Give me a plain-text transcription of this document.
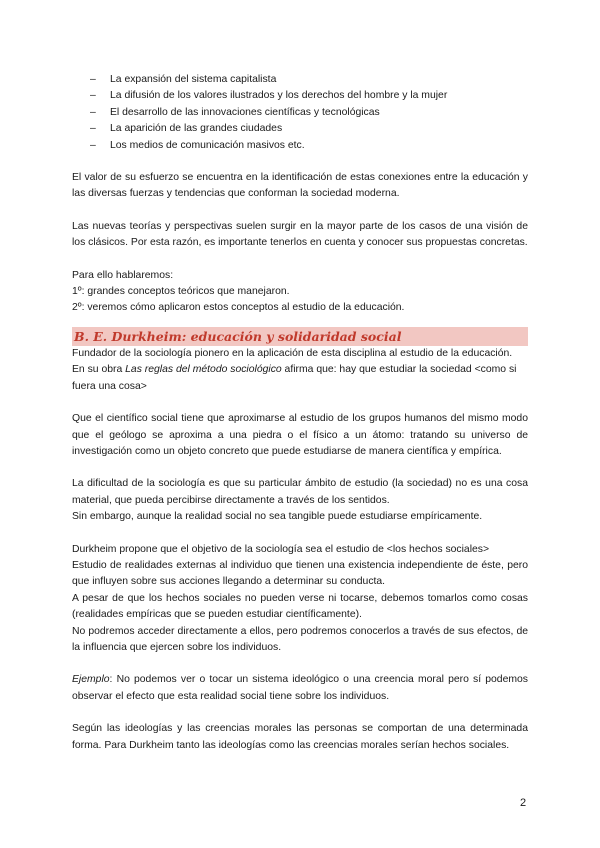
– La expansión del sistema capitalista
– La difusión de los valores ilustrados y los derechos del hombre y la mujer
– El desarrollo de las innovaciones científicas y tecnológicas
– La aparición de las grandes ciudades
– Los medios de comunicación masivos etc.

El valor de su esfuerzo se encuentra en la identificación de estas conexiones entre la educación y las diversas fuerzas y tendencias que conforman la sociedad moderna.

Las nuevas teorías y perspectivas suelen surgir en la mayor parte de los casos de una visión de los clásicos. Por esta razón, es importante tenerlos en cuenta y conocer sus propuestas concretas.

Para ello hablaremos:

1º: grandes conceptos teóricos que manejaron.

2º: veremos cómo aplicaron estos conceptos al estudio de la educación.

B. E. Durkheim: educación y solidaridad social

Fundador de la sociología pionero en la aplicación de esta disciplina al estudio de la educación.

En su obra Las reglas del método sociológico afirma que: hay que estudiar la sociedad <como si fuera una cosa>

Que el científico social tiene que aproximarse al estudio de los grupos humanos del mismo modo que el geólogo se aproxima a una piedra o el físico a un átomo: tratando su universo de investigación como un objeto concreto que puede estudiarse de manera científica y empírica.

La dificultad de la sociología es que su particular ámbito de estudio (la sociedad) no es una cosa material, que pueda percibirse directamente a través de los sentidos.

Sin embargo, aunque la realidad social no sea tangible puede estudiarse empíricamente.

Durkheim propone que el objetivo de la sociología sea el estudio de <los hechos sociales>

Estudio de realidades externas al individuo que tienen una existencia independiente de éste, pero que influyen sobre sus acciones llegando a determinar su conducta.

A pesar de que los hechos sociales no pueden verse ni tocarse, debemos tomarlos como cosas (realidades empíricas que se pueden estudiar científicamente).

No podremos acceder directamente a ellos, pero podremos conocerlos a través de sus efectos, de la influencia que ejercen sobre los individuos.

Ejemplo: No podemos ver o tocar un sistema ideológico o una creencia moral pero sí podemos observar el efecto que esta realidad social tiene sobre los individuos.

Según las ideologías y las creencias morales las personas se comportan de una determinada forma. Para Durkheim tanto las ideologías como las creencias morales serían hechos sociales.

2
